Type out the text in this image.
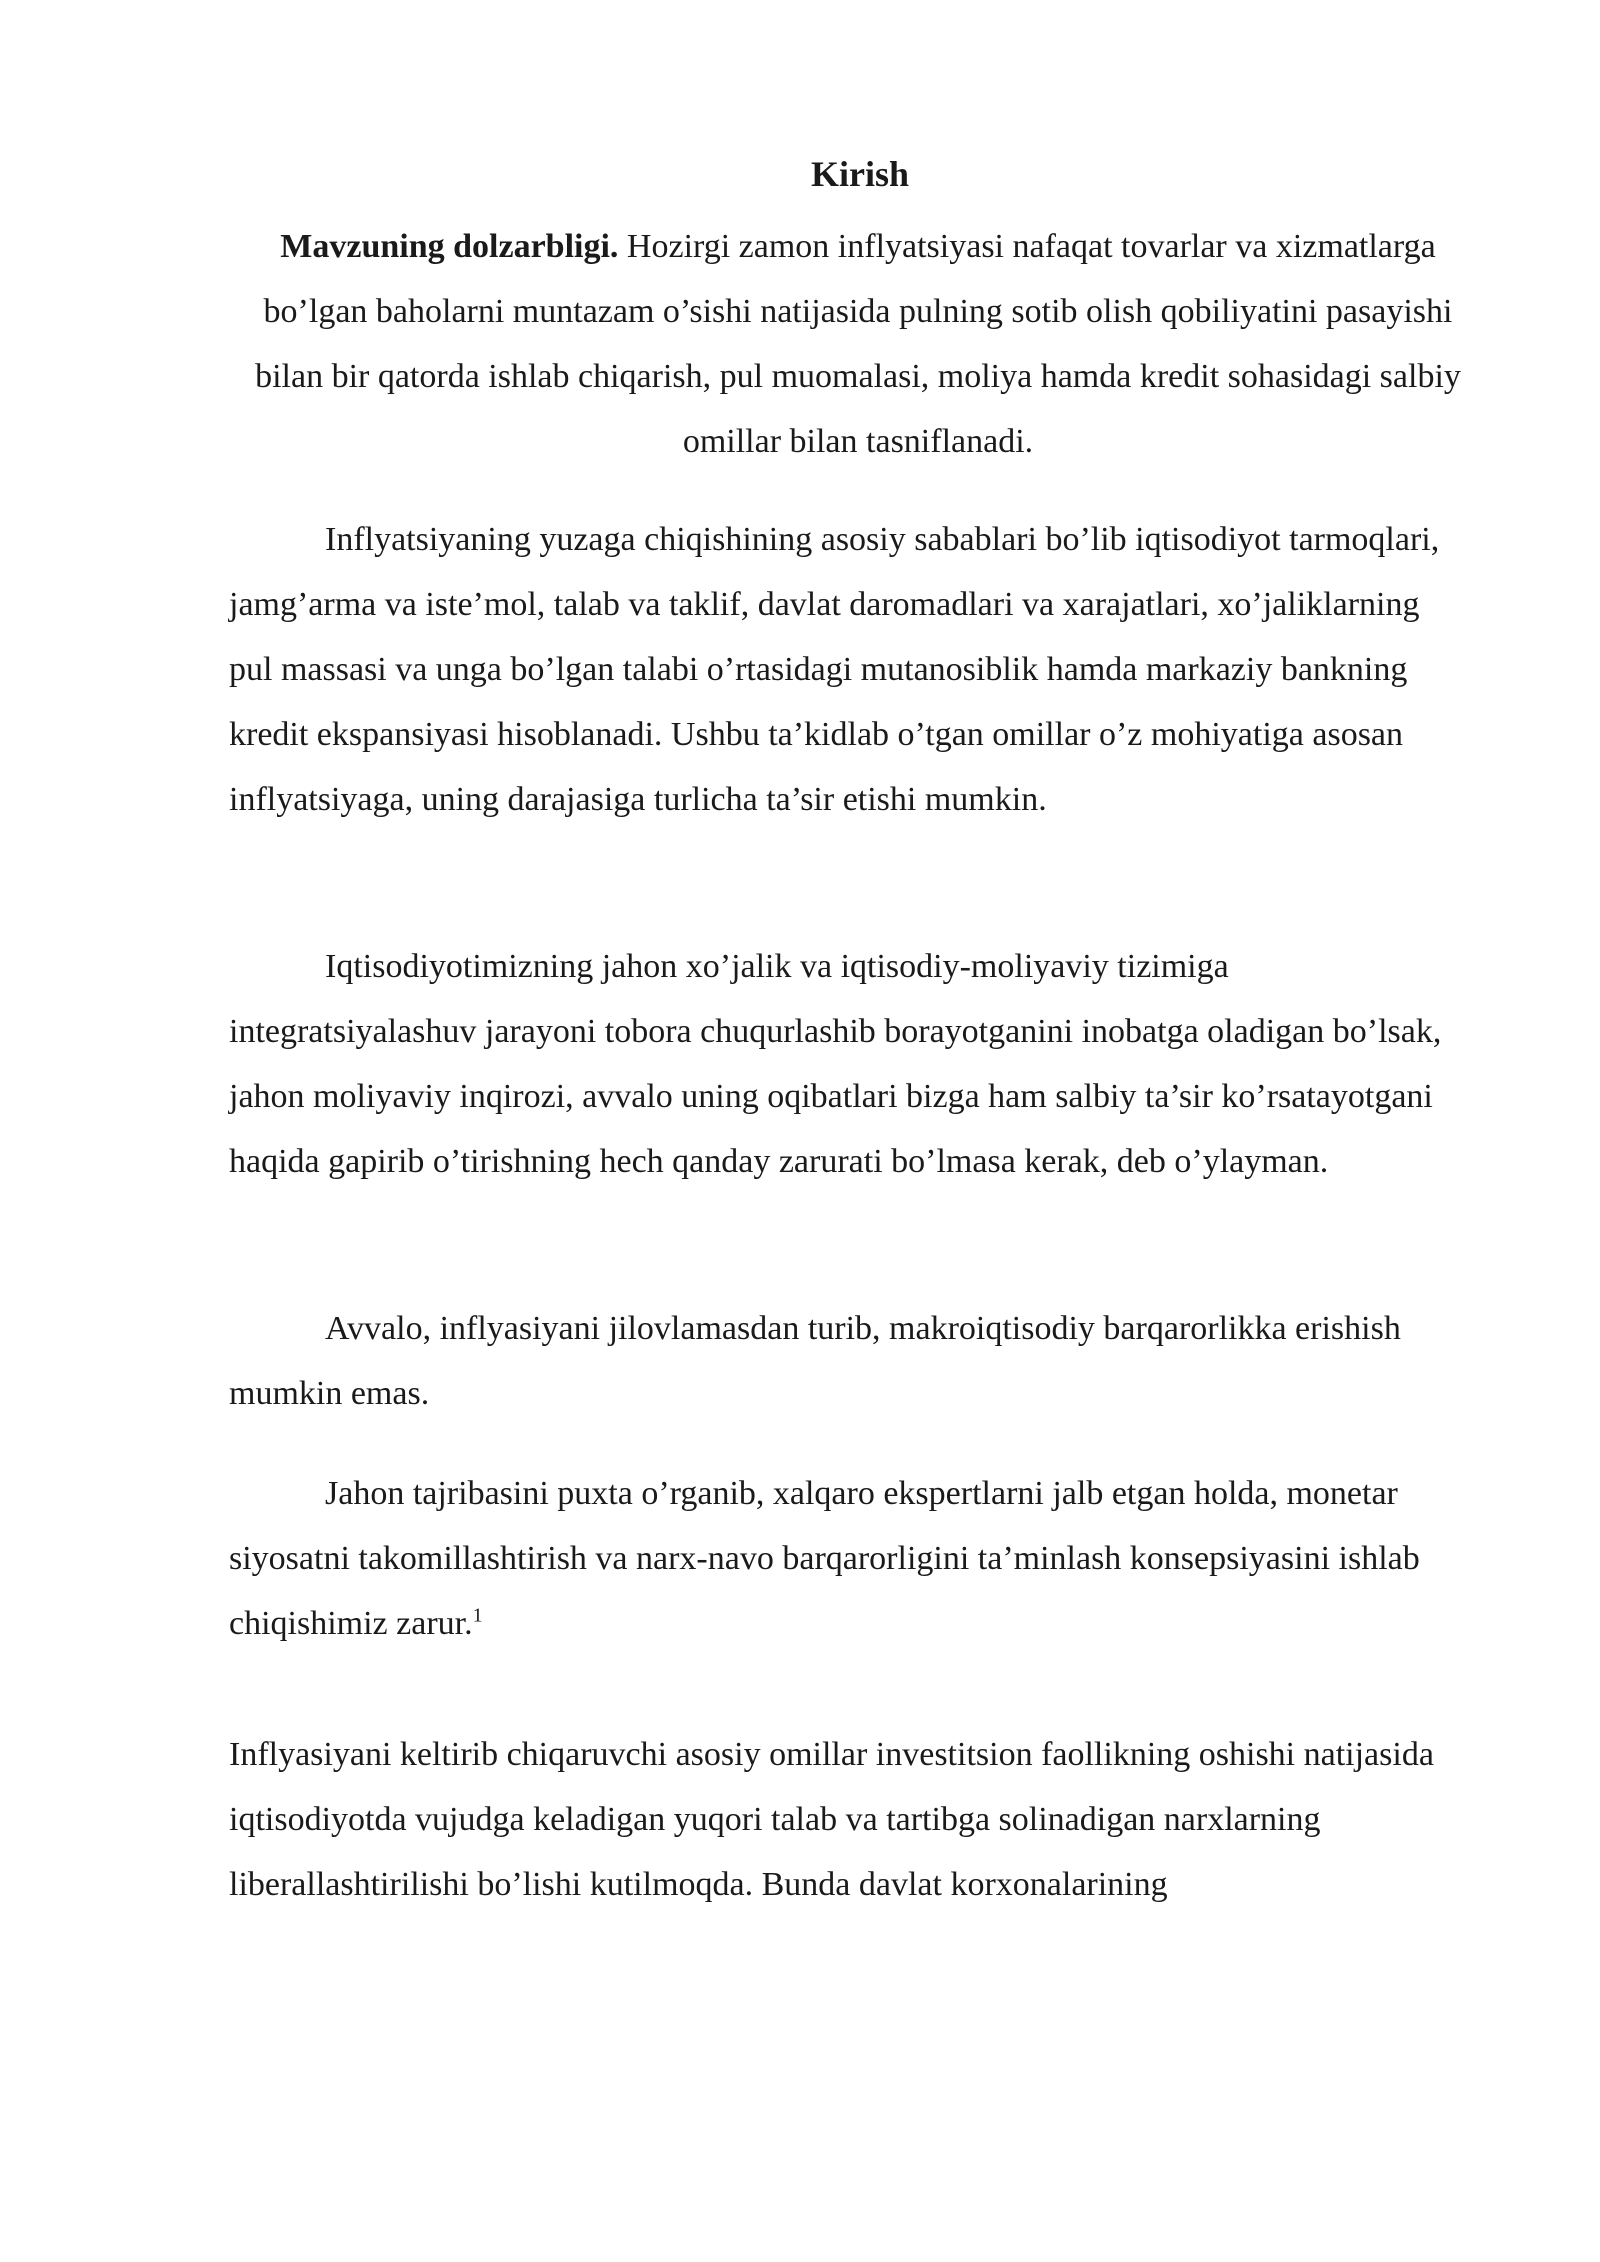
Kirish

Mavzuning dolzarbligi. Hozirgi zamon inflyatsiyasi nafaqat tovarlar va xizmatlarga bo’lgan baholarni muntazam o’sishi natijasida pulning sotib olish qobiliyatini pasayishi bilan bir qatorda ishlab chiqarish, pul muomalasi, moliya hamda kredit sohasidagi salbiy omillar bilan tasniflanadi.

Inflyatsiyaning yuzaga chiqishining asosiy sabablari bo’lib iqtisodiyot tarmoqlari, jamg’arma va iste’mol, talab va taklif, davlat daromadlari va xarajatlari, xo’jaliklarning pul massasi va unga bo’lgan talabi o’rtasidagi mutanosiblik hamda markaziy bankning kredit ekspansiyasi hisoblanadi. Ushbu ta’kidlab o’tgan omillar o’z mohiyatiga asosan inflyatsiyaga, uning darajasiga turlicha ta’sir etishi mumkin.

Iqtisodiyotimizning jahon xo’jalik va iqtisodiy-moliyaviy tizimiga integratsiyalashuv jarayoni tobora chuqurlashib borayotganini inobatga oladigan bo’lsak, jahon moliyaviy inqirozi, avvalo uning oqibatlari bizga ham salbiy ta’sir ko’rsatayotgani haqida gapirib o’tirishning hech qanday zarurati bo’lmasa kerak, deb o’ylayman.

Avvalo, inflyasiyani jilovlamasdan turib, makroiqtisodiy barqarorlikka erishish mumkin emas.

Jahon tajribasini puxta o’rganib, xalqaro ekspertlarni jalb etgan holda, monetar siyosatni takomillashtirish va narx-navo barqarorligini ta’minlash konsepsiyasini ishlab chiqishimiz zarur.$^1$

Inflyasiyani keltirib chiqaruvchi asosiy omillar investitsion faollikning oshishi natijasida iqtisodiyotda vujudga keladigan yuqori talab va tartibga solinadigan narxlarning liberallashtirilishi bo’lishi kutilmoqda. Bunda davlat korxonalarining
